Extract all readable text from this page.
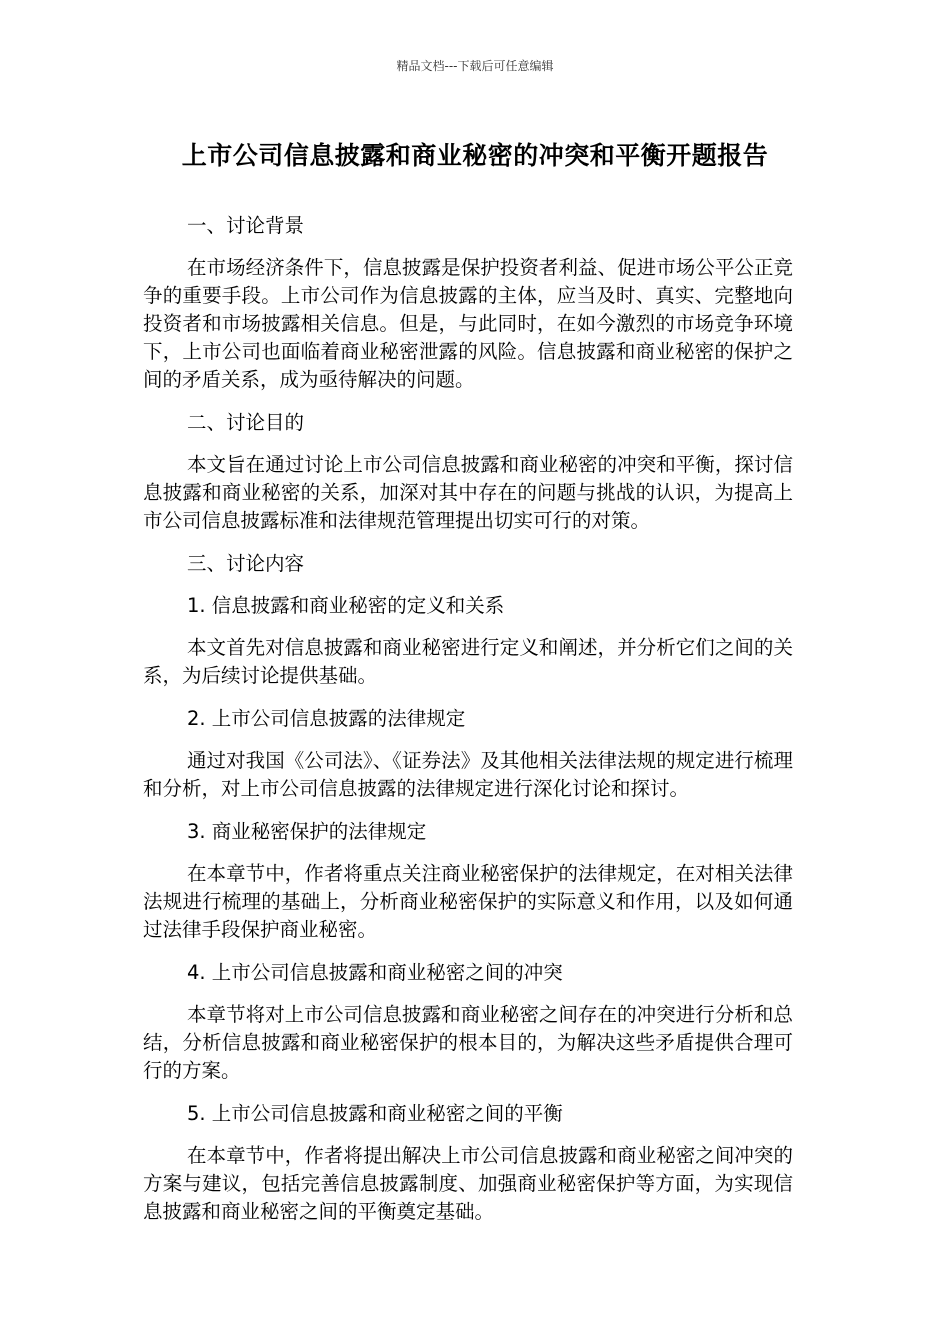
精品文档---下载后可任意编辑
上市公司信息披露和商业秘密的冲突和平衡开题报告

一、讨论背景

在市场经济条件下，信息披露是保护投资者利益、促进市场公平公正竞争的重要手段。上市公司作为信息披露的主体，应当及时、真实、完整地向投资者和市场披露相关信息。但是，与此同时，在如今激烈的市场竞争环境下，上市公司也面临着商业秘密泄露的风险。信息披露和商业秘密的保护之间的矛盾关系，成为亟待解决的问题。

二、讨论目的

本文旨在通过讨论上市公司信息披露和商业秘密的冲突和平衡，探讨信息披露和商业秘密的关系，加深对其中存在的问题与挑战的认识，为提高上市公司信息披露标准和法律规范管理提出切实可行的对策。

三、讨论内容

1. 信息披露和商业秘密的定义和关系

本文首先对信息披露和商业秘密进行定义和阐述，并分析它们之间的关系，为后续讨论提供基础。

2. 上市公司信息披露的法律规定

通过对我国《公司法》、《证券法》及其他相关法律法规的规定进行梳理和分析，对上市公司信息披露的法律规定进行深化讨论和探讨。

3. 商业秘密保护的法律规定

在本章节中，作者将重点关注商业秘密保护的法律规定，在对相关法律法规进行梳理的基础上，分析商业秘密保护的实际意义和作用，以及如何通过法律手段保护商业秘密。

4. 上市公司信息披露和商业秘密之间的冲突

本章节将对上市公司信息披露和商业秘密之间存在的冲突进行分析和总结，分析信息披露和商业秘密保护的根本目的，为解决这些矛盾提供合理可行的方案。

5. 上市公司信息披露和商业秘密之间的平衡

在本章节中，作者将提出解决上市公司信息披露和商业秘密之间冲突的方案与建议，包括完善信息披露制度、加强商业秘密保护等方面，为实现信息披露和商业秘密之间的平衡奠定基础。
